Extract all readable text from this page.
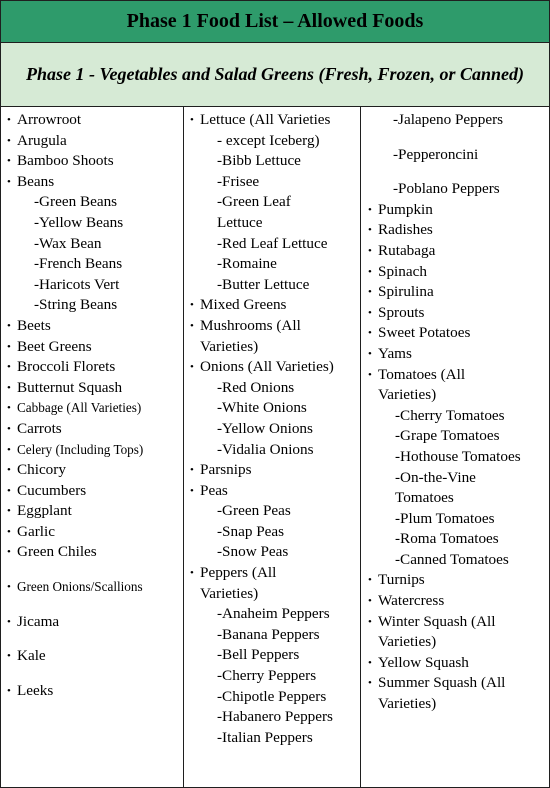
Phase 1 Food List – Allowed Foods
Phase 1 - Vegetables and Salad Greens (Fresh, Frozen, or Canned)
• Arrowroot
• Arugula
• Bamboo Shoots
• Beans
-Green Beans
-Yellow Beans
-Wax Bean
-French Beans
-Haricots Vert
-String Beans
• Beets
• Beet Greens
• Broccoli Florets
• Butternut Squash
• Cabbage (All Varieties)
• Carrots
• Celery (Including Tops)
• Chicory
• Cucumbers
• Eggplant
• Garlic
• Green Chiles
• Green Onions/Scallions
• Jicama
• Kale
• Leeks
• Lettuce (All Varieties
- except Iceberg)
-Bibb Lettuce
-Frisee
-Green Leaf Lettuce
-Red Leaf Lettuce
-Romaine
-Butter Lettuce
• Mixed Greens
• Mushrooms (All Varieties)
• Onions (All Varieties)
-Red Onions
-White Onions
-Yellow Onions
-Vidalia Onions
• Parsnips
• Peas
-Green Peas
-Snap Peas
-Snow Peas
• Peppers (All Varieties)
-Anaheim Peppers
-Banana Peppers
-Bell Peppers
-Cherry Peppers
-Chipotle Peppers
-Habanero Peppers
-Italian Peppers
-Jalapeno Peppers
-Pepperoncini
-Poblano Peppers
• Pumpkin
• Radishes
• Rutabaga
• Spinach
• Spirulina
• Sprouts
• Sweet Potatoes
• Yams
• Tomatoes (All Varieties)
-Cherry Tomatoes
-Grape Tomatoes
-Hothouse Tomatoes
-On-the-Vine Tomatoes
-Plum Tomatoes
-Roma Tomatoes
-Canned Tomatoes
• Turnips
• Watercress
• Winter Squash (All Varieties)
• Yellow Squash
• Summer Squash (All Varieties)
